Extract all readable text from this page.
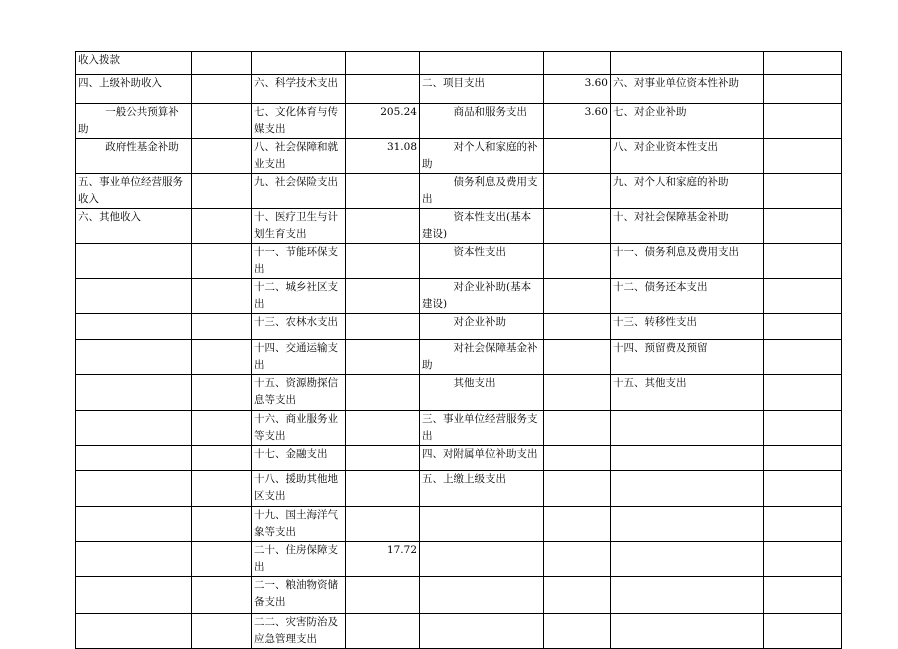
收入拨款							
四、上级补助收入		六、科学技术支出		二、项目支出	3.60	六、对事业单位资本性补助	
一般公共预算补助		七、文化体育与传媒支出	205.24	商品和服务支出	3.60	七、对企业补助	
政府性基金补助		八、社会保障和就业支出	31.08	对个人和家庭的补助		八、对企业资本性支出	
五、事业单位经营服务收入		九、社会保险支出		债务利息及费用支出		九、对个人和家庭的补助	
六、其他收入		十、医疗卫生与计划生育支出		资本性支出(基本建设)		十、对社会保障基金补助	
		十一、节能环保支出		资本性支出		十一、债务利息及费用支出	
		十二、城乡社区支出		对企业补助(基本建设)		十二、债务还本支出	
		十三、农林水支出		对企业补助		十三、转移性支出	
		十四、交通运输支出		对社会保障基金补助		十四、预留费及预留	
		十五、资源勘探信息等支出		其他支出		十五、其他支出	
		十六、商业服务业等支出		三、事业单位经营服务支出			
		十七、金融支出		四、对附属单位补助支出			
		十八、援助其他地区支出		五、上缴上级支出			
		十九、国土海洋气象等支出					
		二十、住房保障支出	17.72				
		二一、粮油物资储备支出					
		二二、灾害防治及应急管理支出					
